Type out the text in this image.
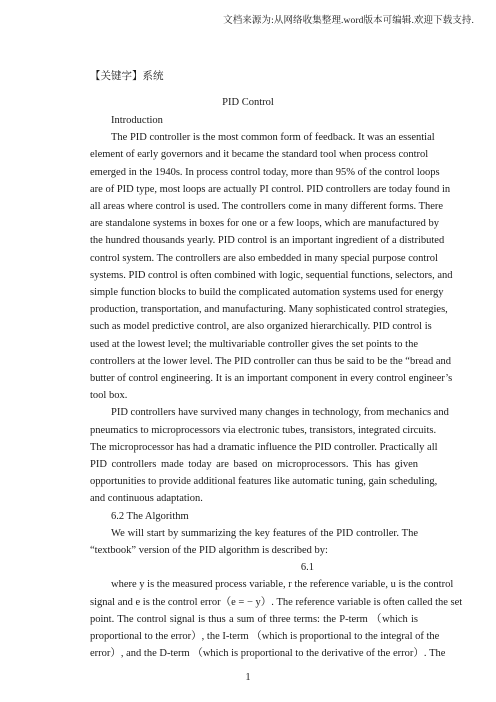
文档来源为:从网络收集整理.word版本可编辑.欢迎下载支持.
【关键字】系统
PID Control
Introduction
The PID controller is the most common form of feedback. It was an essential
element of early governors and it became the standard tool when process control
emerged in the 1940s. In process control today, more than 95% of the control loops
are of PID type, most loops are actually PI control. PID controllers are today found in
all areas where control is used. The controllers come in many different forms. There
are standalone systems in boxes for one or a few loops, which are manufactured by
the hundred thousands yearly. PID control is an important ingredient of a distributed
control system. The controllers are also embedded in many special purpose control
systems. PID control is often combined with logic, sequential functions, selectors, and
simple function blocks to build the complicated automation systems used for energy
production, transportation, and manufacturing. Many sophisticated control strategies,
such as model predictive control, are also organized hierarchically. PID control is
used at the lowest level; the multivariable controller gives the set points to the
controllers at the lower level. The PID controller can thus be said to be the “bread and
butter of control engineering. It is an important component in every control engineer’s
tool box.
PID controllers have survived many changes in technology, from mechanics and
pneumatics to microprocessors via electronic tubes, transistors, integrated circuits.
The microprocessor has had a dramatic influence the PID controller. Practically all
PID controllers made today are based on microprocessors. This has given
opportunities to provide additional features like automatic tuning, gain scheduling,
and continuous adaptation.
6.2 The Algorithm
We will start by summarizing the key features of the PID controller. The
“textbook” version of the PID algorithm is described by:
6.1
where y is the measured process variable, r the reference variable, u is the control
signal and e is the control error（e = − y）. The reference variable is often called the set
point. The control signal is thus a sum of three terms: the P-term （which is
proportional to the error）, the I-term （which is proportional to the integral of the
error）, and the D-term （which is proportional to the derivative of the error）. The
1
